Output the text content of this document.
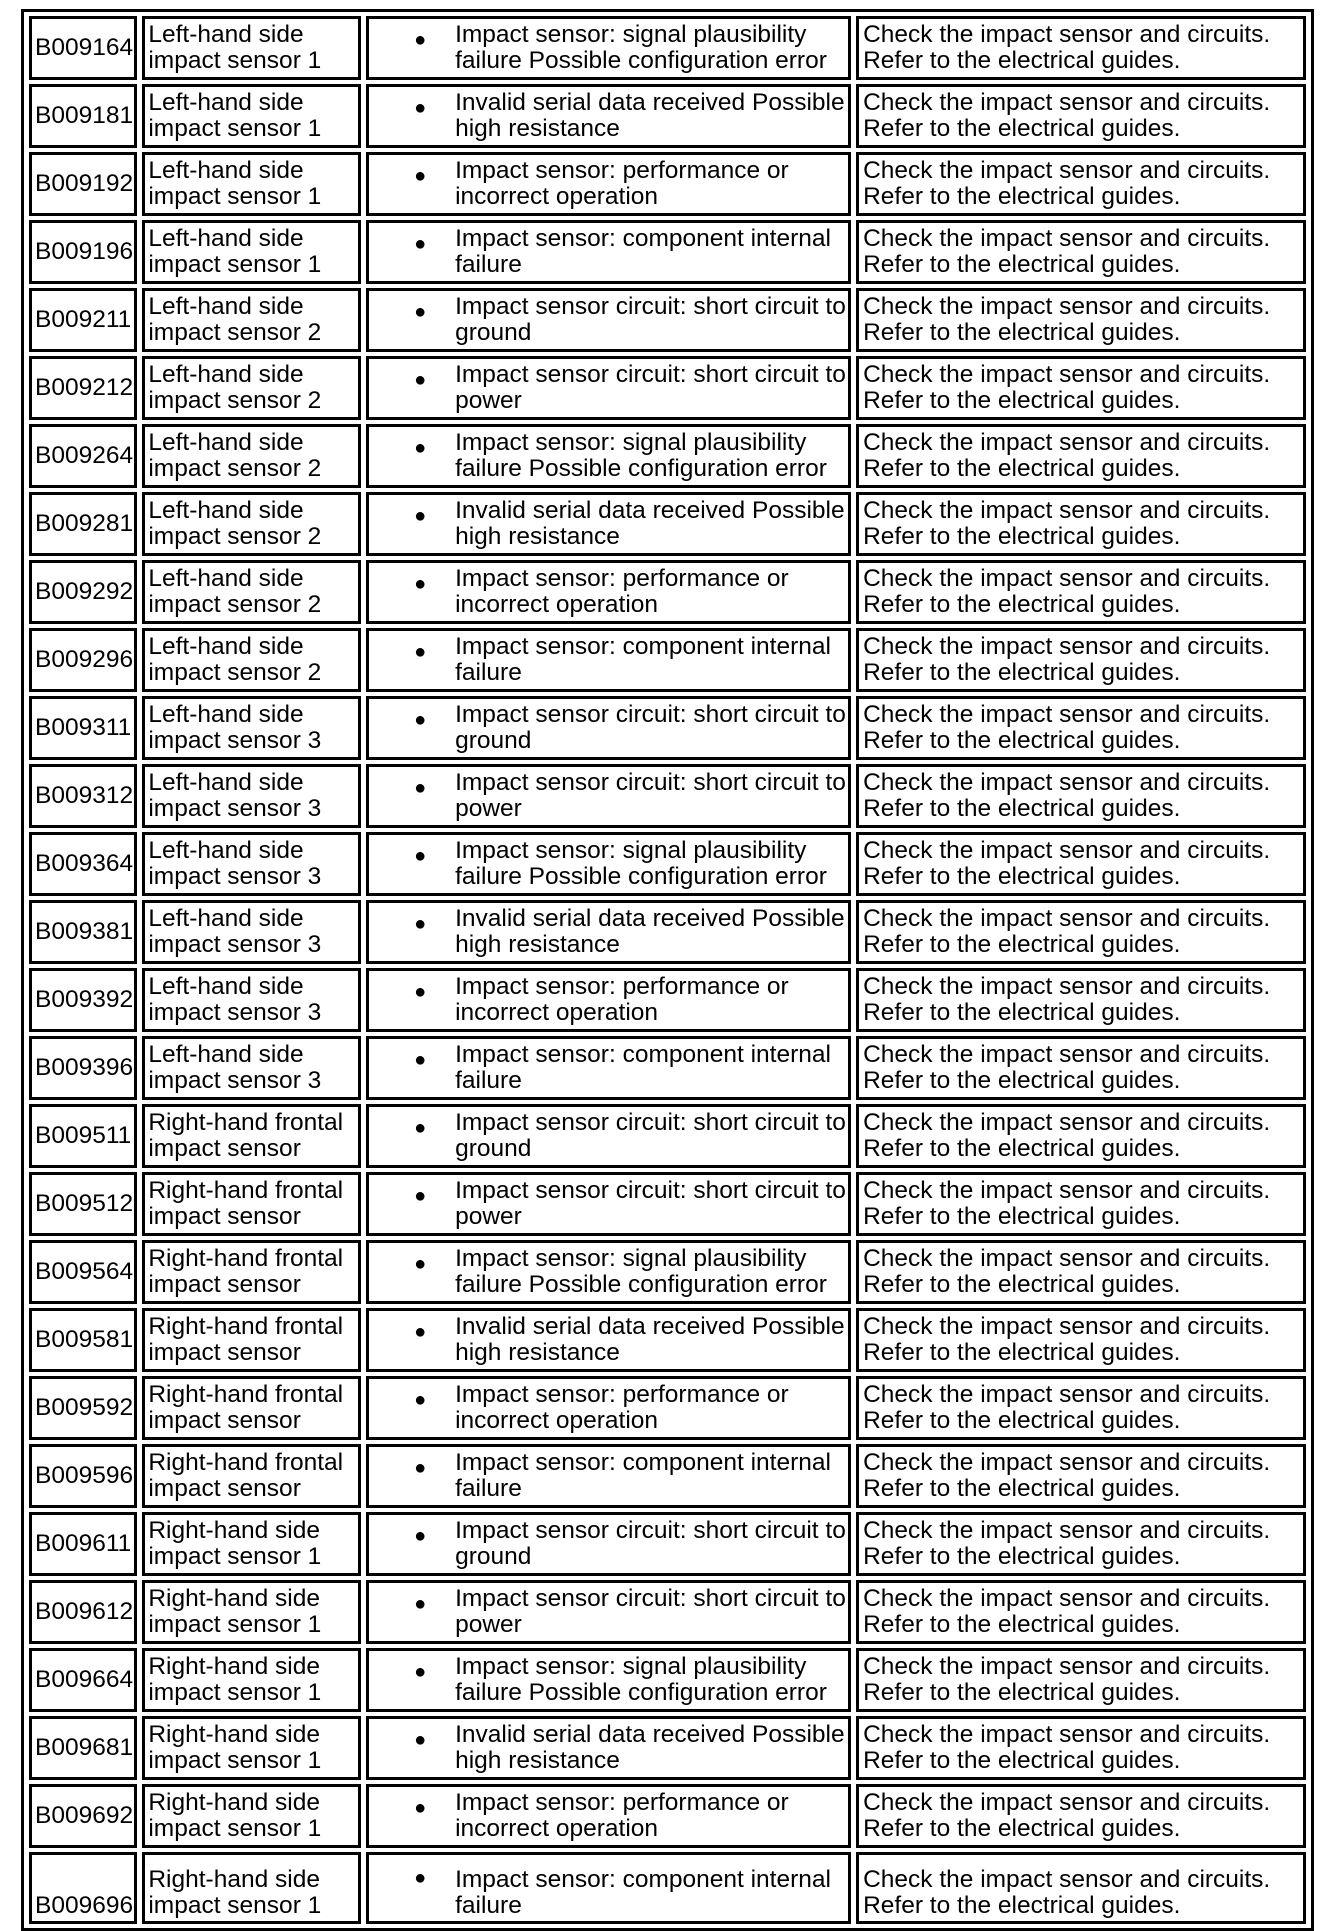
B009164	Left-hand side impact sensor 1	● Impact sensor: signal plausibility failure Possible configuration error	Check the impact sensor and circuits. Refer to the electrical guides.
B009181	Left-hand side impact sensor 1	● Invalid serial data received Possible high resistance	Check the impact sensor and circuits. Refer to the electrical guides.
B009192	Left-hand side impact sensor 1	● Impact sensor: performance or incorrect operation	Check the impact sensor and circuits. Refer to the electrical guides.
B009196	Left-hand side impact sensor 1	● Impact sensor: component internal failure	Check the impact sensor and circuits. Refer to the electrical guides.
B009211	Left-hand side impact sensor 2	● Impact sensor circuit: short circuit to ground	Check the impact sensor and circuits. Refer to the electrical guides.
B009212	Left-hand side impact sensor 2	● Impact sensor circuit: short circuit to power	Check the impact sensor and circuits. Refer to the electrical guides.
B009264	Left-hand side impact sensor 2	● Impact sensor: signal plausibility failure Possible configuration error	Check the impact sensor and circuits. Refer to the electrical guides.
B009281	Left-hand side impact sensor 2	● Invalid serial data received Possible high resistance	Check the impact sensor and circuits. Refer to the electrical guides.
B009292	Left-hand side impact sensor 2	● Impact sensor: performance or incorrect operation	Check the impact sensor and circuits. Refer to the electrical guides.
B009296	Left-hand side impact sensor 2	● Impact sensor: component internal failure	Check the impact sensor and circuits. Refer to the electrical guides.
B009311	Left-hand side impact sensor 3	● Impact sensor circuit: short circuit to ground	Check the impact sensor and circuits. Refer to the electrical guides.
B009312	Left-hand side impact sensor 3	● Impact sensor circuit: short circuit to power	Check the impact sensor and circuits. Refer to the electrical guides.
B009364	Left-hand side impact sensor 3	● Impact sensor: signal plausibility failure Possible configuration error	Check the impact sensor and circuits. Refer to the electrical guides.
B009381	Left-hand side impact sensor 3	● Invalid serial data received Possible high resistance	Check the impact sensor and circuits. Refer to the electrical guides.
B009392	Left-hand side impact sensor 3	● Impact sensor: performance or incorrect operation	Check the impact sensor and circuits. Refer to the electrical guides.
B009396	Left-hand side impact sensor 3	● Impact sensor: component internal failure	Check the impact sensor and circuits. Refer to the electrical guides.
B009511	Right-hand frontal impact sensor	● Impact sensor circuit: short circuit to ground	Check the impact sensor and circuits. Refer to the electrical guides.
B009512	Right-hand frontal impact sensor	● Impact sensor circuit: short circuit to power	Check the impact sensor and circuits. Refer to the electrical guides.
B009564	Right-hand frontal impact sensor	● Impact sensor: signal plausibility failure Possible configuration error	Check the impact sensor and circuits. Refer to the electrical guides.
B009581	Right-hand frontal impact sensor	● Invalid serial data received Possible high resistance	Check the impact sensor and circuits. Refer to the electrical guides.
B009592	Right-hand frontal impact sensor	● Impact sensor: performance or incorrect operation	Check the impact sensor and circuits. Refer to the electrical guides.
B009596	Right-hand frontal impact sensor	● Impact sensor: component internal failure	Check the impact sensor and circuits. Refer to the electrical guides.
B009611	Right-hand side impact sensor 1	● Impact sensor circuit: short circuit to ground	Check the impact sensor and circuits. Refer to the electrical guides.
B009612	Right-hand side impact sensor 1	● Impact sensor circuit: short circuit to power	Check the impact sensor and circuits. Refer to the electrical guides.
B009664	Right-hand side impact sensor 1	● Impact sensor: signal plausibility failure Possible configuration error	Check the impact sensor and circuits. Refer to the electrical guides.
B009681	Right-hand side impact sensor 1	● Invalid serial data received Possible high resistance	Check the impact sensor and circuits. Refer to the electrical guides.
B009692	Right-hand side impact sensor 1	● Impact sensor: performance or incorrect operation	Check the impact sensor and circuits. Refer to the electrical guides.
B009696	Right-hand side impact sensor 1	● Impact sensor: component internal failure	Check the impact sensor and circuits. Refer to the electrical guides.
